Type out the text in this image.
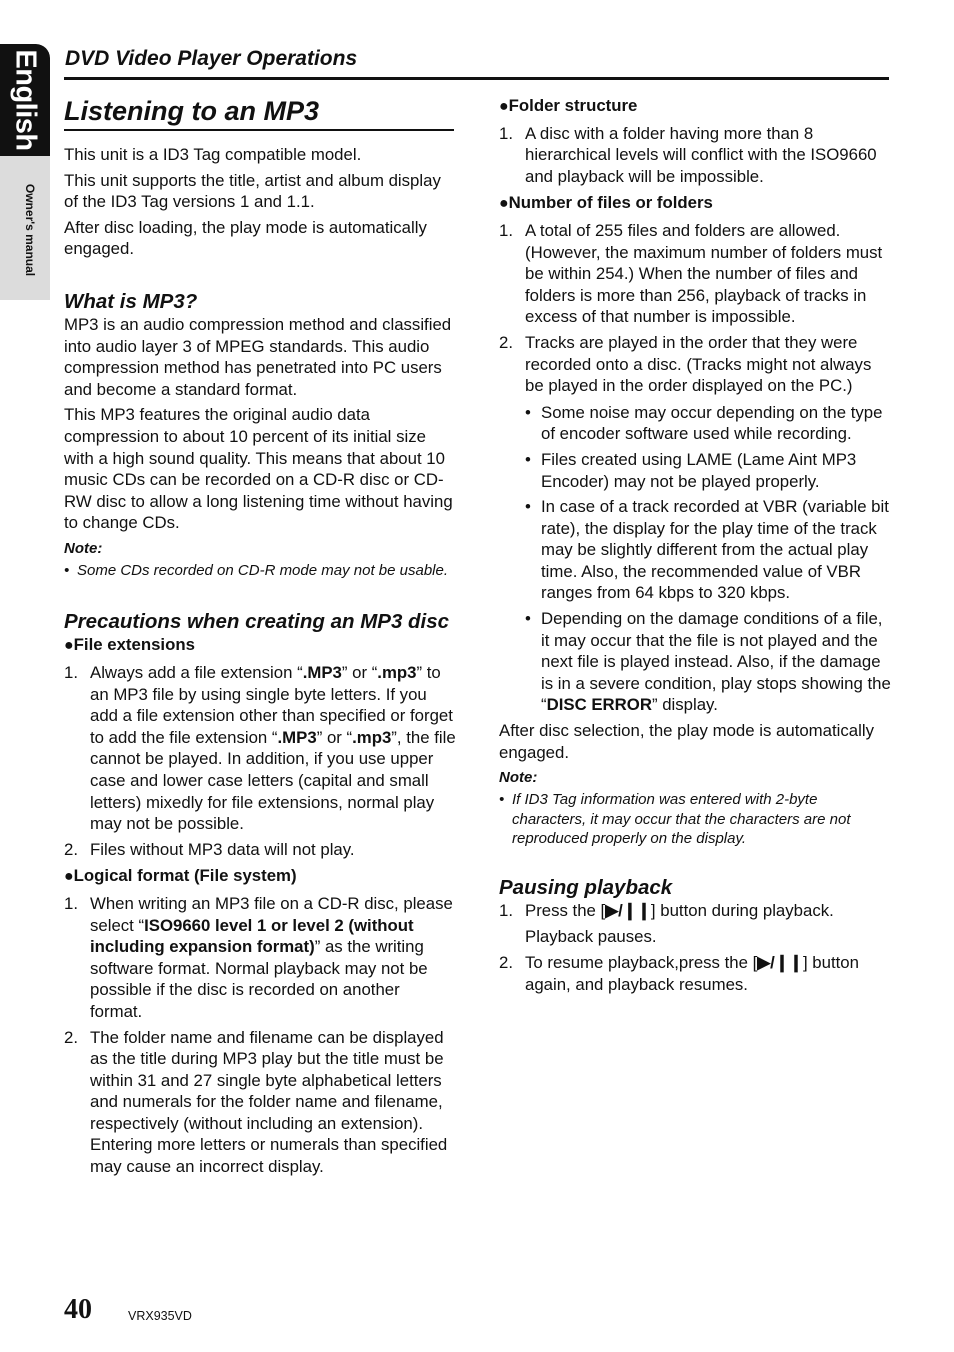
English
Owner's manual
DVD Video Player Operations
Listening to an MP3

This unit is a ID3 Tag compatible model.

This unit supports the title, artist and album display of the ID3 Tag versions 1 and 1.1.

After disc loading, the play mode is automatically engaged.

What is MP3?

MP3 is an audio compression method and classified into audio layer 3 of MPEG standards. This audio compression method has penetrated into PC users and become a standard format.

This MP3 features the original audio data compression to about 10 percent of its initial size with a high sound quality. This means that about 10 music CDs can be recorded on a CD-R disc or CD-RW disc to allow a long listening time without having to change CDs.

Note:
• Some CDs recorded on CD-R mode may not be usable.
Precautions when creating an MP3 disc
●File extensions
1. Always add a file extension “.MP3” or “.mp3” to an MP3 file by using single byte letters. If you add a file extension other than specified or forget to add the file extension “.MP3” or “.mp3”, the file cannot be played. In addition, if you use upper case and lower case letters (capital and small letters) mixedly for file extensions, normal play may not be possible.
2. Files without MP3 data will not play.
●Logical format (File system)
1. When writing an MP3 file on a CD-R disc, please select “ISO9660 level 1 or level 2 (without including expansion format)” as the writing software format. Normal playback may not be possible if the disc is recorded on another format.
2. The folder name and filename can be displayed as the title during MP3 play but the title must be within 31 and 27 single byte alphabetical letters and numerals for the folder name and filename, respectively (without including an extension). Entering more letters or numerals than specified may cause an incorrect display.
●Folder structure
1. A disc with a folder having more than 8 hierarchical levels will conflict with the ISO9660 and playback will be impossible.
●Number of files or folders
1. A total of 255 files and folders are allowed. (However, the maximum number of folders must be within 254.) When the number of files and folders is more than 256, playback of tracks in excess of that number is impossible.
2. Tracks are played in the order that they were recorded onto a disc. (Tracks might not always be played in the order displayed on the PC.)
• Some noise may occur depending on the type of encoder software used while recording.
• Files created using LAME (Lame Aint MP3 Encoder) may not be played properly.
• In case of a track recorded at VBR (variable bit rate), the display for the play time of the track may be slightly different from the actual play time. Also, the recommended value of VBR ranges from 64 kbps to 320 kbps.
• Depending on the damage conditions of a file, it may occur that the file is not played and the next file is played instead. Also, if the damage is in a severe condition, play stops showing the “DISC ERROR” display.

After disc selection, the play mode is automatically engaged.

Note:
• If ID3 Tag information was entered with 2-byte characters, it may occur that the characters are not reproduced properly on the display.
Pausing playback
1. Press the [▶/❙❙] button during playback.
Playback pauses.
2. To resume playback,press the [▶/❙❙] button again, and playback resumes.
40	VRX935VD
